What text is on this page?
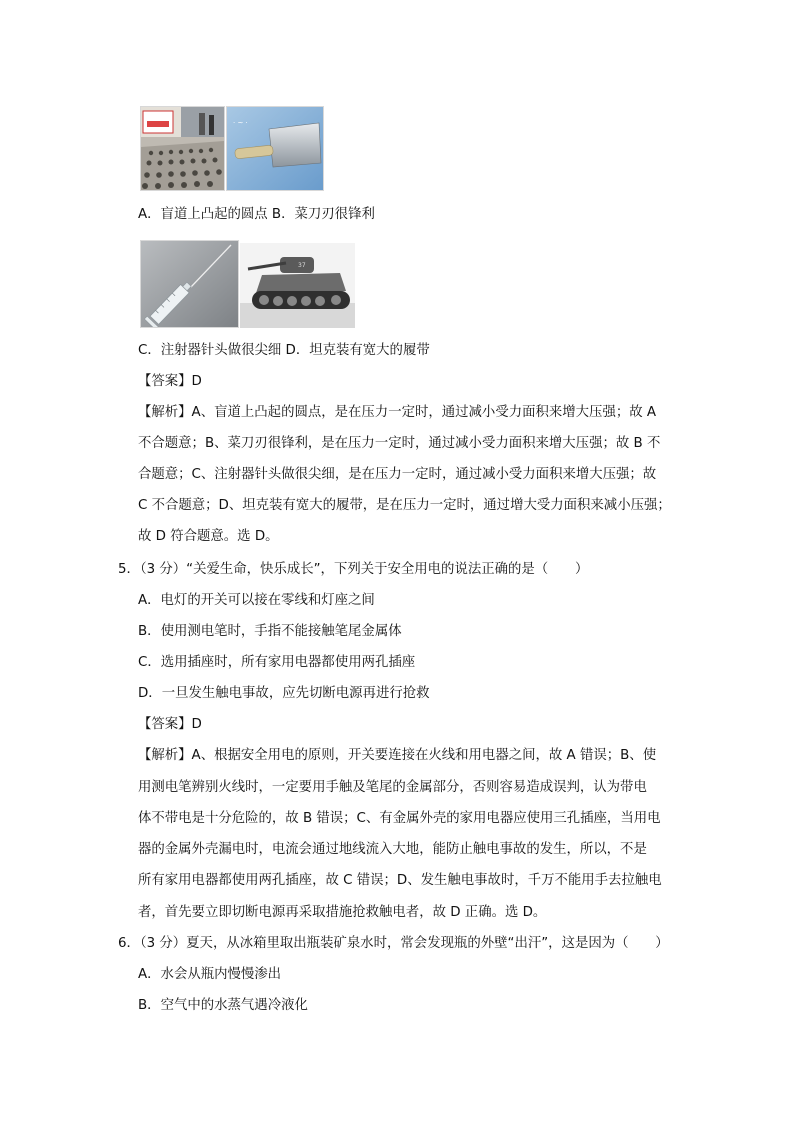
· ~ ·
A．盲道上凸起的圆点 B．菜刀刃很锋利
37
C．注射器针头做很尖细 D．坦克装有宽大的履带
【答案】D
【解析】A、盲道上凸起的圆点，是在压力一定时，通过减小受力面积来增大压强；故 A
不合题意；B、菜刀刃很锋利，是在压力一定时，通过减小受力面积来增大压强；故 B 不
合题意；C、注射器针头做很尖细，是在压力一定时，通过减小受力面积来增大压强；故
C 不合题意；D、坦克装有宽大的履带，是在压力一定时，通过增大受力面积来减小压强；
故 D 符合题意。选 D。
5．（3 分）“关爱生命，快乐成长”，下列关于安全用电的说法正确的是（　　）
A．电灯的开关可以接在零线和灯座之间
B．使用测电笔时，手指不能接触笔尾金属体
C．选用插座时，所有家用电器都使用两孔插座
D．一旦发生触电事故，应先切断电源再进行抢救
【答案】D
【解析】A、根据安全用电的原则，开关要连接在火线和用电器之间，故 A 错误；B、使
用测电笔辨别火线时，一定要用手触及笔尾的金属部分，否则容易造成误判，认为带电
体不带电是十分危险的，故 B 错误；C、有金属外壳的家用电器应使用三孔插座，当用电
器的金属外壳漏电时，电流会通过地线流入大地，能防止触电事故的发生，所以，不是
所有家用电器都使用两孔插座，故 C 错误；D、发生触电事故时，千万不能用手去拉触电
者，首先要立即切断电源再采取措施抢救触电者，故 D 正确。选 D。
6．（3 分）夏天，从冰箱里取出瓶装矿泉水时，常会发现瓶的外壁“出汗”，这是因为（　　）
A．水会从瓶内慢慢渗出
B．空气中的水蒸气遇冷液化
